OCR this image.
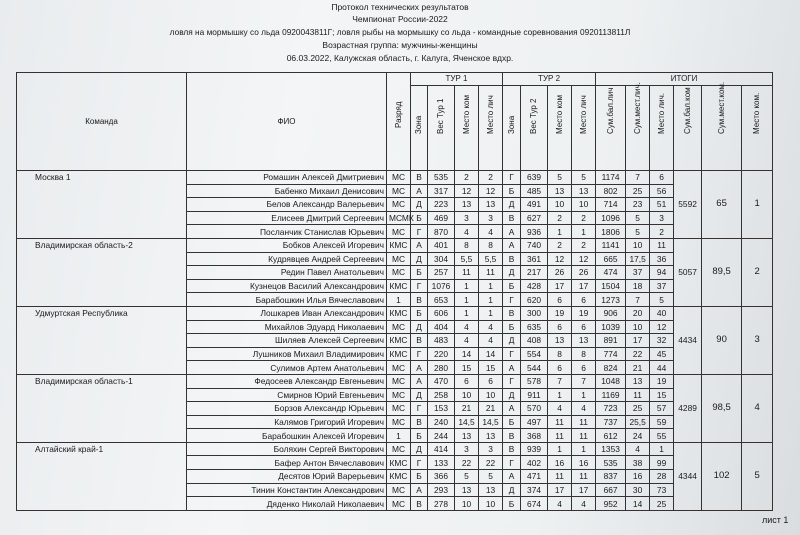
Протокол технических результатов
Чемпионат России-2022
ловля на мормышку со льда 0920043811Г; ловля рыбы на мормышку со льда - командные соревнования 0920113811Л
Возрастная группа: мужчины-женщины
06.03.2022, Калужская область, г. Калуга, Яченское вдхр.
Команда	ФИО	Разряд	ТУР 1				ТУР 2				ИТОГИ					
			Зона	Вес Тур 1	Место ком	Место лич	Зона	Вес Тур 2	Место ком	Место лич	Сум.бал.лич	Сум.мест.лич.	Место лич.	Сум.бал.ком	Сум.мест.ком.	Место ком.
Москва 1	Ромашин Алексей Дмитриевич	МС	В	535	2	2	Г	639	5	5	1174	7	6	5592	65	1
	Бабенко Михаил Денисович	МС	А	317	12	12	Б	485	13	13	802	25	56			
	Белов Александр Валерьевич	МС	Д	223	13	13	Д	491	10	10	714	23	51			
	Елисеев Дмитрий Сергеевич	МСМК	Б	469	3	3	В	627	2	2	1096	5	3			
	Посланчик Станислав Юрьевич	МС	Г	870	4	4	А	936	1	1	1806	5	2			
Владимирская область-2	Бобков Алексей Игоревич	КМС	А	401	8	8	А	740	2	2	1141	10	11	5057	89,5	2
	Кудрявцев Андрей Сергеевич	МС	Д	304	5,5	5,5	В	361	12	12	665	17,5	36			
	Редин Павел Анатольевич	МС	Б	257	11	11	Д	217	26	26	474	37	94			
	Кузнецов Василий Александрович	КМС	Г	1076	1	1	Б	428	17	17	1504	18	37			
	Барабошкин Илья Вячеславович	1	В	653	1	1	Г	620	6	6	1273	7	5			
Удмуртская Республика	Лошкарев Иван Александрович	КМС	Б	606	1	1	В	300	19	19	906	20	40	4434	90	3
	Михайлов Эдуард Николаевич	МС	Д	404	4	4	Б	635	6	6	1039	10	12			
	Шиляев Алексей Сергеевич	КМС	В	483	4	4	Д	408	13	13	891	17	32			
	Лушников Михаил Владимирович	КМС	Г	220	14	14	Г	554	8	8	774	22	45			
	Сулимов Артем Анатольевич	МС	А	280	15	15	А	544	6	6	824	21	44			
Владимирская область-1	Федосеев Александр Евгеньевич	МС	А	470	6	6	Г	578	7	7	1048	13	19	4289	98,5	4
	Смирнов Юрий Евгеньевич	МС	Д	258	10	10	Д	911	1	1	1169	11	15			
	Борзов Александр Юрьевич	МС	Г	153	21	21	А	570	4	4	723	25	57			
	Калямов Григорий Игоревич	МС	В	240	14,5	14,5	Б	497	11	11	737	25,5	59			
	Барабошкин Алексей Игоревич	1	Б	244	13	13	В	368	11	11	612	24	55			
Алтайский край-1	Боляхин Сергей Викторович	МС	Д	414	3	3	В	939	1	1	1353	4	1	4344	102	5
	Бафер Антон Вячеславович	КМС	Г	133	22	22	Г	402	16	16	535	38	99			
	Десятов Юрий Варерьевич	КМС	Б	366	5	5	А	471	11	11	837	16	28			
	Тинин Константин Александрович	МС	А	293	13	13	Д	374	17	17	667	30	73			
	Дяденко Николай Николаевич	МС	В	278	10	10	Б	674	4	4	952	14	25			
лист 1
